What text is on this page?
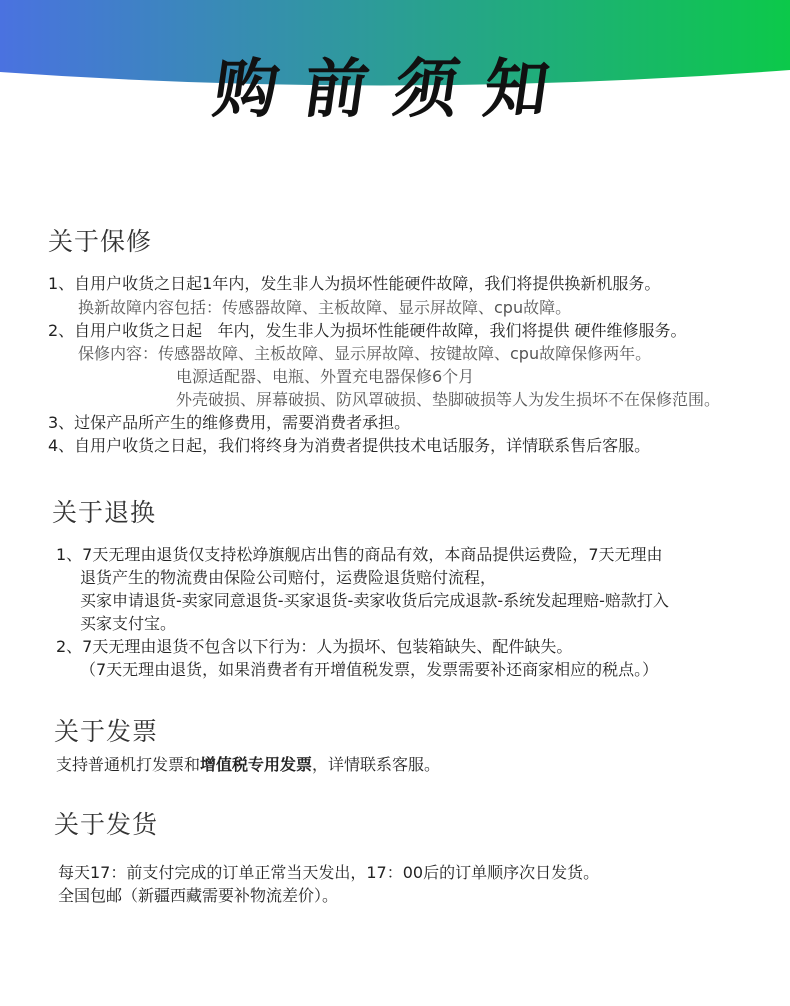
购前须知
关于保修
1、自用户收货之日起1年内，发生非人为损坏性能硬件故障，我们将提供换新机服务。
换新故障内容包括：传感器故障、主板故障、显示屏故障、cpu故障。
2、自用户收货之日起   年内，发生非人为损坏性能硬件故障，我们将提供 硬件维修服务。
保修内容：传感器故障、主板故障、显示屏故障、按键故障、cpu故障保修两年。
电源适配器、电瓶、外置充电器保修6个月
外壳破损、屏幕破损、防风罩破损、垫脚破损等人为发生损坏不在保修范围。
3、过保产品所产生的维修费用，需要消费者承担。
4、自用户收货之日起，我们将终身为消费者提供技术电话服务，详情联系售后客服。
关于退换
1、7天无理由退货仅支持松竫旗舰店出售的商品有效，本商品提供运费险，7天无理由
退货产生的物流费由保险公司赔付，运费险退货赔付流程，
买家申请退货-卖家同意退货-买家退货-卖家收货后完成退款-系统发起理赔-赔款打入
买家支付宝。
2、7天无理由退货不包含以下行为：人为损坏、包装箱缺失、配件缺失。
（7天无理由退货，如果消费者有开增值税发票，发票需要补还商家相应的税点。）
关于发票
支持普通机打发票和增值税专用发票，详情联系客服。
关于发货
每天17：前支付完成的订单正常当天发出，17：00后的订单顺序次日发货。
全国包邮（新疆西藏需要补物流差价）。
